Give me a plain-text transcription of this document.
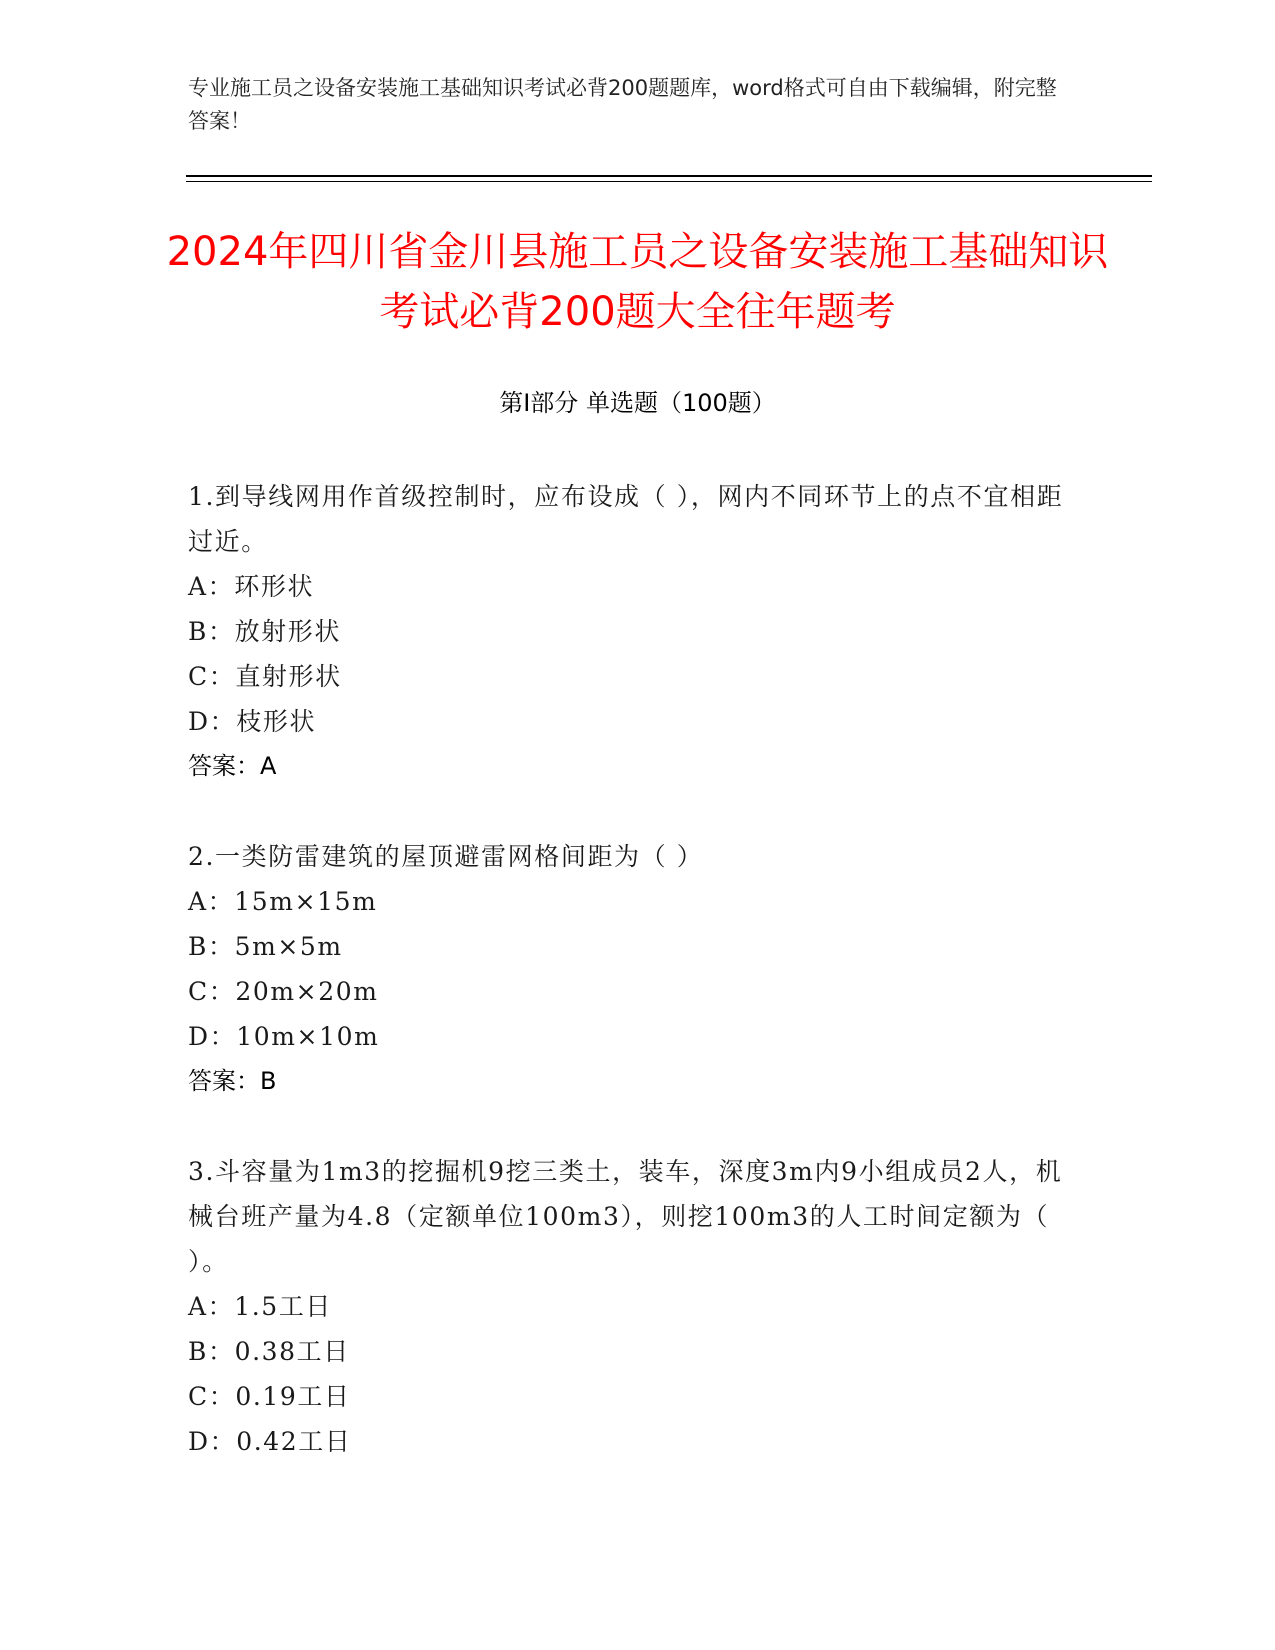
专业施工员之设备安装施工基础知识考试必背200题题库，word格式可自由下载编辑，附完整答案！
2024年四川省金川县施工员之设备安装施工基础知识考试必背200题大全往年题考
第Ⅰ部分 单选题（100题）

1.到导线网用作首级控制时，应布设成（ ），网内不同环节上的点不宜相距过近。

A：环形状

B：放射形状

C：直射形状

D：枝形状

答案：A

2.一类防雷建筑的屋顶避雷网格间距为（ ）

A：15m×15m

B：5m×5m

C：20m×20m

D：10m×10m

答案：B

3.斗容量为1m3的挖掘机9挖三类土，装车，深度3m内9小组成员2人，机械台班产量为4.8（定额单位100m3），则挖100m3的人工时间定额为（ ）。

A：1.5工日

B：0.38工日

C：0.19工日

D：0.42工日
